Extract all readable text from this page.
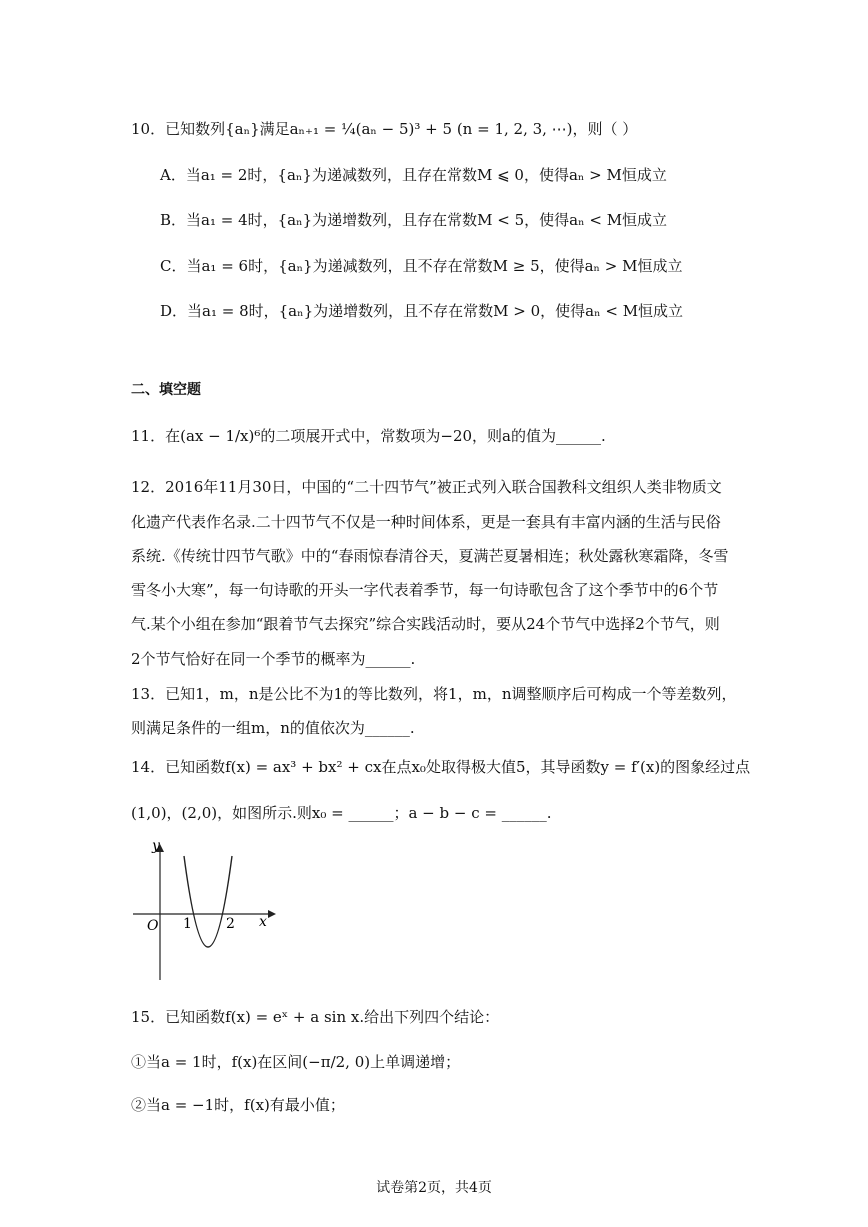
10．已知数列{aₙ}满足aₙ₊₁ = ¼(aₙ − 5)³ + 5 (n = 1, 2, 3, ⋯)，则（ ）
A．当a₁ = 2时，{aₙ}为递减数列，且存在常数M ⩽ 0，使得aₙ > M恒成立
B．当a₁ = 4时，{aₙ}为递增数列，且存在常数M < 5，使得aₙ < M恒成立
C．当a₁ = 6时，{aₙ}为递减数列，且不存在常数M ≥ 5，使得aₙ > M恒成立
D．当a₁ = 8时，{aₙ}为递增数列，且不存在常数M > 0，使得aₙ < M恒成立
二、填空题
11．在(ax − 1/x)⁶的二项展开式中，常数项为−20，则a的值为______.
12．2016年11月30日，中国的“二十四节气”被正式列入联合国教科文组织人类非物质文
化遗产代表作名录.二十四节气不仅是一种时间体系，更是一套具有丰富内涵的生活与民俗
系统.《传统廿四节气歌》中的“春雨惊春清谷天，夏满芒夏暑相连；秋处露秋寒霜降，冬雪
雪冬小大寒”，每一句诗歌的开头一字代表着季节，每一句诗歌包含了这个季节中的6个节
气.某个小组在参加“跟着节气去探究”综合实践活动时，要从24个节气中选择2个节气，则
2个节气恰好在同一个季节的概率为______.
13．已知1，m，n是公比不为1的等比数列，将1，m，n调整顺序后可构成一个等差数列，
则满足条件的一组m，n的值依次为______.
14．已知函数f(x) = ax³ + bx² + cx在点x₀处取得极大值5，其导函数y = f′(x)的图象经过点
(1,0)，(2,0)，如图所示.则x₀ = ______；a − b − c = ______.
y
x
O 1 2
15．已知函数f(x) = eˣ + a sin x.给出下列四个结论：
①当a = 1时，f(x)在区间(−π/2, 0)上单调递增；
②当a = −1时，f(x)有最小值；
试卷第2页，共4页
